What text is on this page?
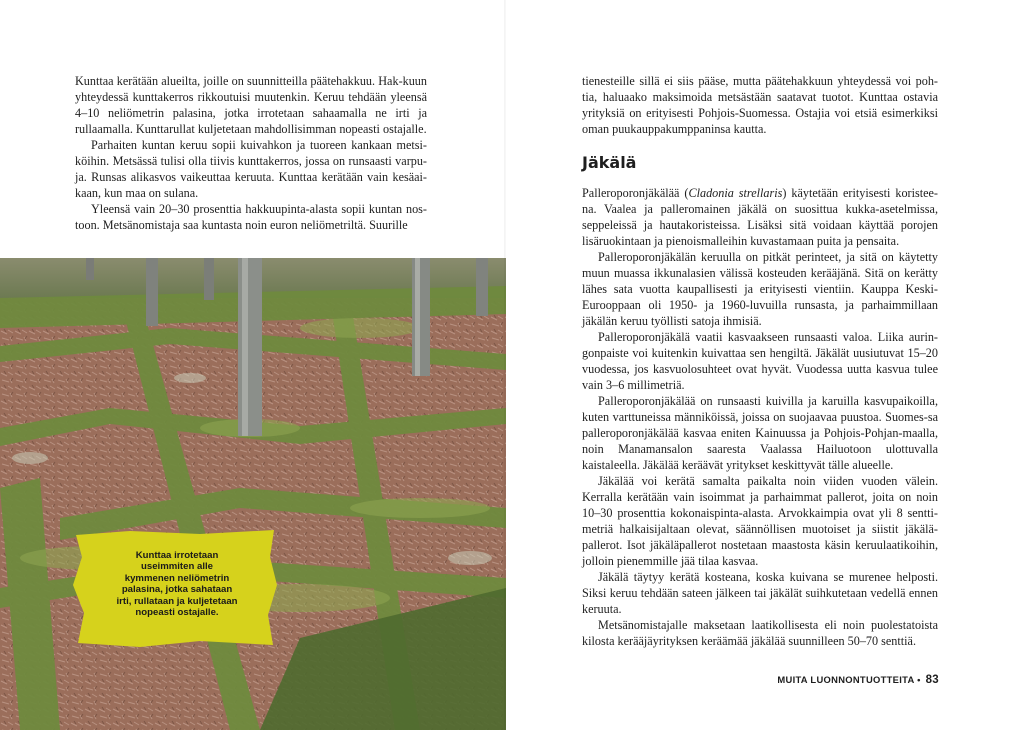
Kunttaa kerätään alueilta, joille on suunnitteilla päätehakkuu. Hak-kuun yhteydessä kunttakerros rikkoutuisi muutenkin. Keruu tehdään yleensä 4–10 neliömetrin palasina, jotka irrotetaan sahaamalla ne irti ja rullaamalla. Kunttarullat kuljetetaan mahdollisimman nopeasti ostajalle.

Parhaiten kuntan keruu sopii kuivahkon ja tuoreen kankaan metsi-köihin. Metsässä tulisi olla tiivis kunttakerros, jossa on runsaasti varpu-ja. Runsas alikasvos vaikeuttaa keruuta. Kunttaa kerätään vain kesäai-kaan, kun maa on sulana.

Yleensä vain 20–30 prosenttia hakkuupinta-alasta sopii kuntan nos-toon. Metsänomistaja saa kuntasta noin euron neliömetriltä. Suurille

Kunttaa irrotetaan useimmiten alle kymmenen neliömetrin palasina, jotka sahataan irti, rullataan ja kuljetetaan nopeasti ostajalle.

tienesteille sillä ei siis pääse, mutta päätehakkuun yhteydessä voi poh-tia, haluaako maksimoida metsästään saatavat tuotot. Kunttaa ostavia yrityksiä on erityisesti Pohjois-Suomessa. Ostajia voi etsiä esimerkiksi oman puukauppakumppaninsa kautta.

Jäkälä

Palleroporonjäkälää (Cladonia strellaris) käytetään erityisesti koristee-na. Vaalea ja palleromainen jäkälä on suosittua kukka-asetelmissa, seppeleissä ja hautakoristeissa. Lisäksi sitä voidaan käyttää porojen lisäruokintaan ja pienoismalleihin kuvastamaan puita ja pensaita.

Palleroporonjäkälän keruulla on pitkät perinteet, ja sitä on käytetty muun muassa ikkunalasien välissä kosteuden kerääjänä. Sitä on kerätty lähes sata vuotta kaupallisesti ja erityisesti vientiin. Kauppa Keski-Eurooppaan oli 1950- ja 1960-luvuilla runsasta, ja parhaimmillaan jäkälän keruu työllisti satoja ihmisiä.

Palleroporonjäkälä vaatii kasvaakseen runsaasti valoa. Liika aurin-gonpaiste voi kuitenkin kuivattaa sen hengiltä. Jäkälät uusiutuvat 15–20 vuodessa, jos kasvuolosuhteet ovat hyvät. Vuodessa uutta kasvua tulee vain 3–6 millimetriä.

Palleroporonjäkälää on runsaasti kuivilla ja karuilla kasvupaikoilla, kuten varttuneissa männiköissä, joissa on suojaavaa puustoa. Suomes-sa palleroporonjäkälää kasvaa eniten Kainuussa ja Pohjois-Pohjan-maalla, noin Manamansalon saaresta Vaalassa Hailuotoon ulottuvalla kaistaleella. Jäkälää keräävät yritykset keskittyvät tälle alueelle.

Jäkälää voi kerätä samalta paikalta noin viiden vuoden välein. Kerralla kerätään vain isoimmat ja parhaimmat pallerot, joita on noin 10–30 prosenttia kokonaispinta-alasta. Arvokkaimpia ovat yli 8 sentti-metriä halkaisijaltaan olevat, säännöllisen muotoiset ja siistit jäkälä-pallerot. Isot jäkäläpallerot nostetaan maastosta käsin keruulaatikoihin, jolloin pienemmille jää tilaa kasvaa.

Jäkälä täytyy kerätä kosteana, koska kuivana se murenee helposti. Siksi keruu tehdään sateen jälkeen tai jäkälät suihkutetaan vedellä ennen keruuta.

Metsänomistajalle maksetaan laatikollisesta eli noin puolestatoista kilosta kerääjäyrityksen keräämää jäkälää suunnilleen 50–70 senttiä.

MUITA LUONNONTUOTTEITA • 83
